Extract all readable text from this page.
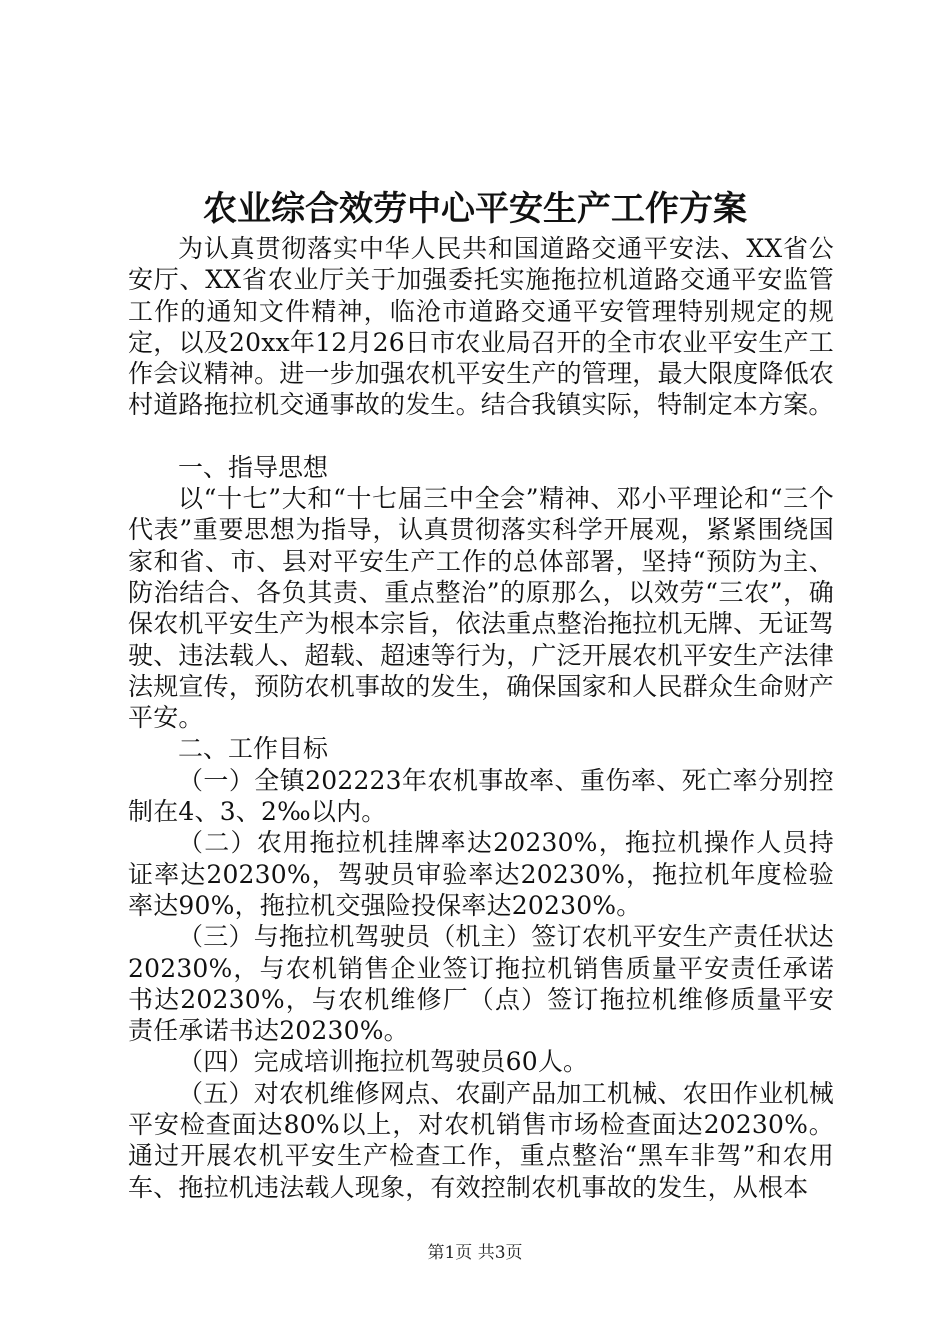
农业综合效劳中心平安生产工作方案

为认真贯彻落实中华人民共和国道路交通平安法、XX省公安厅、XX省农业厅关于加强委托实施拖拉机道路交通平安监管工作的通知文件精神，临沧市道路交通平安管理特别规定的规定，以及20xx年12月26日市农业局召开的全市农业平安生产工作会议精神。进一步加强农机平安生产的管理，最大限度降低农村道路拖拉机交通事故的发生。结合我镇实际，特制定本方案。

一、指导思想

以“十七”大和“十七届三中全会”精神、邓小平理论和“三个代表”重要思想为指导，认真贯彻落实科学开展观，紧紧围绕国家和省、市、县对平安生产工作的总体部署，坚持“预防为主、防治结合、各负其责、重点整治”的原那么，以效劳“三农”，确保农机平安生产为根本宗旨，依法重点整治拖拉机无牌、无证驾驶、违法载人、超载、超速等行为，广泛开展农机平安生产法律法规宣传，预防农机事故的发生，确保国家和人民群众生命财产平安。

二、工作目标

（一）全镇202223年农机事故率、重伤率、死亡率分别控制在4、3、2‰以内。

（二）农用拖拉机挂牌率达20230%，拖拉机操作人员持证率达20230%，驾驶员审验率达20230%，拖拉机年度检验率达90%，拖拉机交强险投保率达20230%。

（三）与拖拉机驾驶员（机主）签订农机平安生产责任状达20230%，与农机销售企业签订拖拉机销售质量平安责任承诺书达20230%，与农机维修厂（点）签订拖拉机维修质量平安责任承诺书达20230%。

（四）完成培训拖拉机驾驶员60人。

（五）对农机维修网点、农副产品加工机械、农田作业机械平安检查面达80%以上，对农机销售市场检查面达20230%。通过开展农机平安生产检查工作，重点整治“黑车非驾”和农用车、拖拉机违法载人现象，有效控制农机事故的发生，从根本

第1页 共3页
